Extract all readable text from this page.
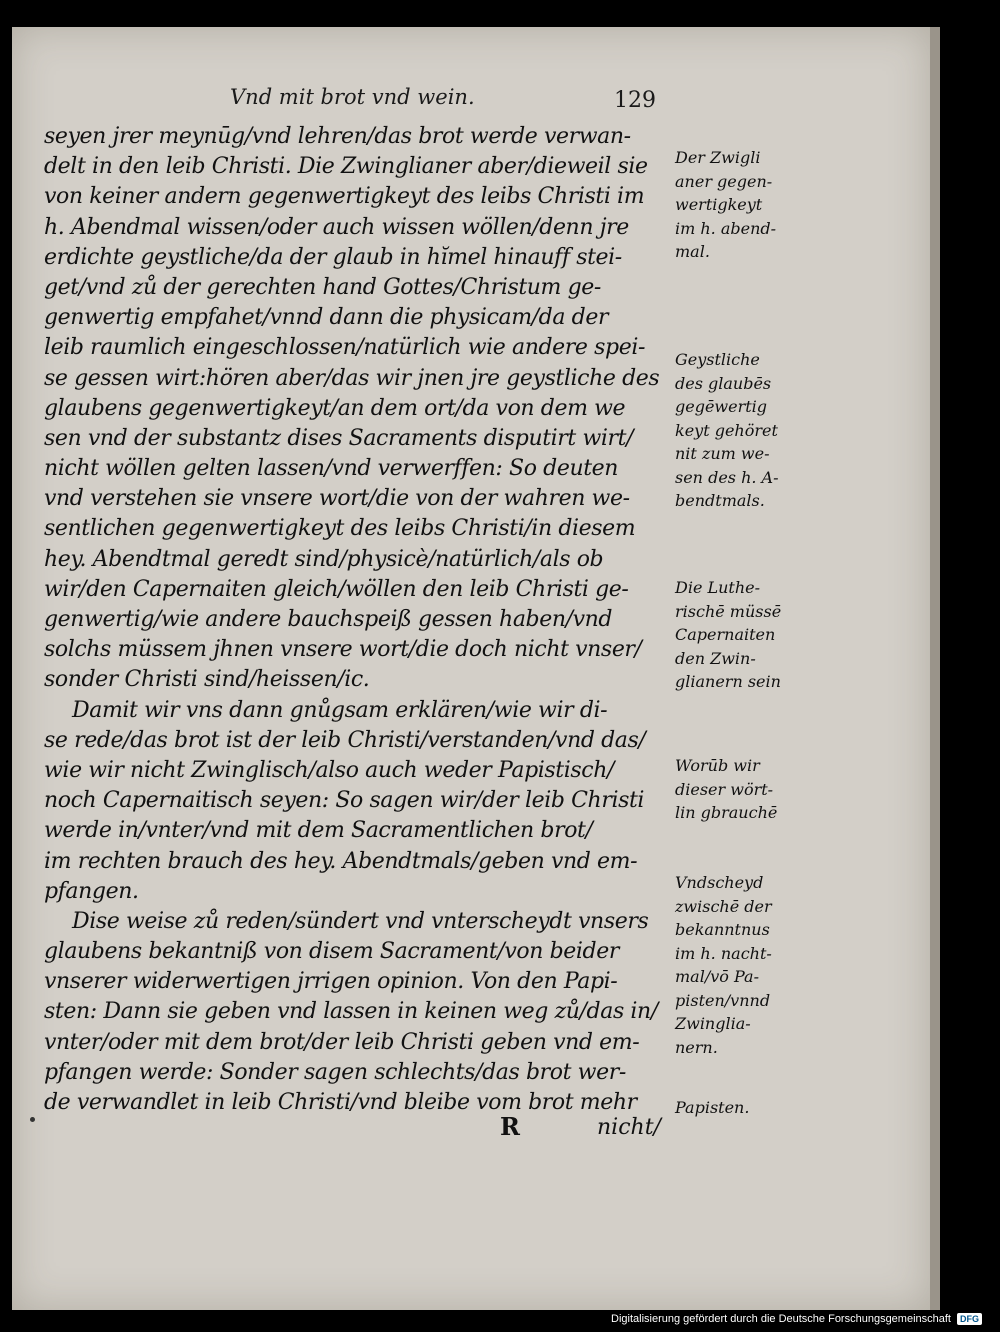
Vnd mit brot vnd wein.	129
seyen jrer meynūg/vnd lehren/das brot werde verwan-
delt in den leib Christi. Die Zwinglianer aber/dieweil sie
von keiner andern gegenwertigkeyt des leibs Christi im
h. Abendmal wissen/oder auch wissen wöllen/denn jre
erdichte geystliche/da der glaub in hĭmel hinauff stei-
get/vnd zů der gerechten hand Gottes/Christum ge-
genwertig empfahet/vnnd dann die physicam/da der
leib raumlich eingeschlossen/natürlich wie andere spei-
se gessen wirt:hören aber/das wir jnen jre geystliche des
glaubens gegenwertigkeyt/an dem ort/da von dem we
sen vnd der substantz dises Sacraments disputirt wirt/
nicht wöllen gelten lassen/vnd verwerffen: So deuten
vnd verstehen sie vnsere wort/die von der wahren we-
sentlichen gegenwertigkeyt des leibs Christi/in diesem
hey. Abendtmal geredt sind/physicè/natürlich/als ob
wir/den Capernaiten gleich/wöllen den leib Christi ge-
genwertig/wie andere bauchspeiß gessen haben/vnd
solchs müssem jhnen vnsere wort/die doch nicht vnser/
sonder Christi sind/heissen/ic.
Damit wir vns dann gnůgsam erklären/wie wir di-
se rede/das brot ist der leib Christi/verstanden/vnd das/
wie wir nicht Zwinglisch/also auch weder Papistisch/
noch Capernaitisch seyen: So sagen wir/der leib Christi
werde in/vnter/vnd mit dem Sacramentlichen brot/
im rechten brauch des hey. Abendtmals/geben vnd em-
pfangen.
Dise weise zů reden/sündert vnd vnterscheydt vnsers
glaubens bekantniß von disem Sacrament/von beider
vnserer widerwertigen jrrigen opinion. Von den Papi-
sten: Dann sie geben vnd lassen in keinen weg zů/das in/
vnter/oder mit dem brot/der leib Christi geben vnd em-
pfangen werde: Sonder sagen schlechts/das brot wer-
de verwandlet in leib Christi/vnd bleibe vom brot mehr
Der Zwigli
aner gegen-
wertigkeyt
im h. abend-
mal.
Geystliche
des glaubēs
gegēwertig
keyt gehöret
nit zum we-
sen des h. A-
bendtmals.
Die Luthe-
rischē müssē
Capernaiten
den Zwin-
glianern sein
Worūb wir
dieser wört-
lin gbrauchē
Vndscheyd
zwischē der
bekanntnus
im h. nacht-
mal/vō Pa-
pisten/vnnd
Zwinglia-
nern.
Papisten.
R	nicht/
Digitalisierung gefördert durch die Deutsche Forschungsgemeinschaft	DFG
